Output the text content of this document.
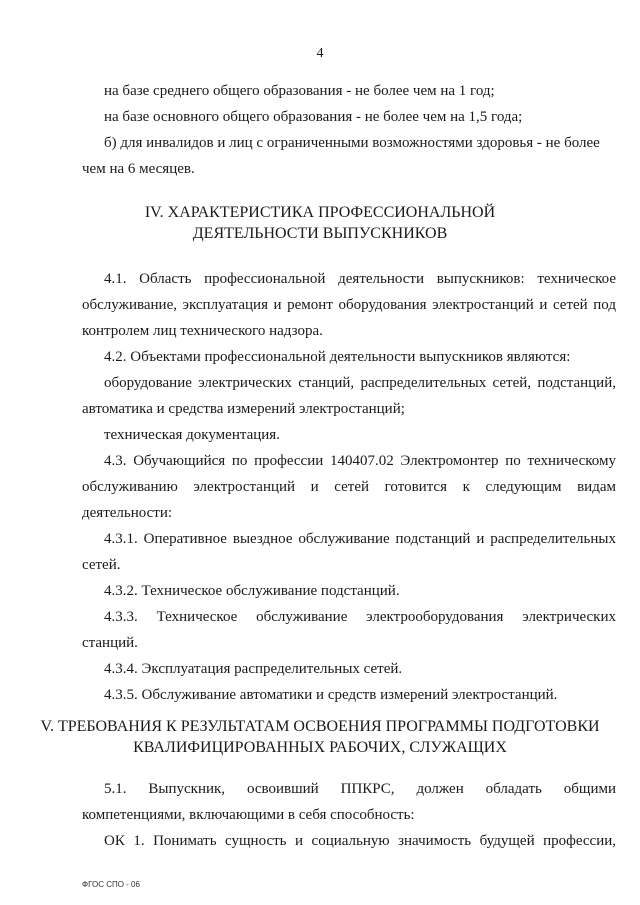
4

на базе среднего общего образования - не более чем на 1 год;

на базе основного общего образования - не более чем на 1,5 года;

б) для инвалидов и лиц с ограниченными возможностями здоровья - не более

чем на 6 месяцев.

IV. ХАРАКТЕРИСТИКА ПРОФЕССИОНАЛЬНОЙ
ДЕЯТЕЛЬНОСТИ ВЫПУСКНИКОВ

4.1. Область профессиональной деятельности выпускников: техническое

обслуживание, эксплуатация и ремонт оборудования электростанций и сетей под

контролем лиц технического надзора.

4.2. Объектами профессиональной деятельности выпускников являются:

оборудование электрических станций, распределительных сетей, подстанций,

автоматика и средства измерений электростанций;

техническая документация.

4.3. Обучающийся по профессии 140407.02 Электромонтер по техническому

обслуживанию электростанций и сетей готовится к следующим видам деятельности:

4.3.1. Оперативное выездное обслуживание подстанций и распределительных

сетей.

4.3.2. Техническое обслуживание подстанций.

4.3.3. Техническое обслуживание электрооборудования электрических

станций.

4.3.4. Эксплуатация распределительных сетей.

4.3.5. Обслуживание автоматики и средств измерений электростанций.

V. ТРЕБОВАНИЯ К РЕЗУЛЬТАТАМ ОСВОЕНИЯ ПРОГРАММЫ ПОДГОТОВКИ
КВАЛИФИЦИРОВАННЫХ РАБОЧИХ, СЛУЖАЩИХ

5.1. Выпускник, освоивший ППКРС, должен обладать общими

компетенциями, включающими в себя способность:

ОК 1. Понимать сущность и социальную значимость будущей профессии,

ФГОС СПО - 06
